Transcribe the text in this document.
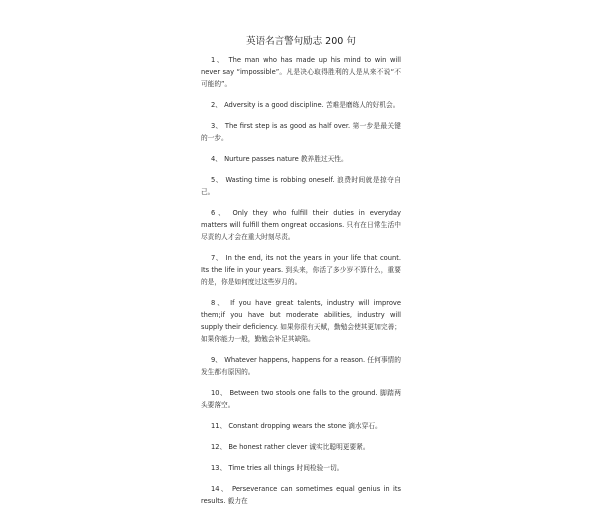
英语名言警句励志 200 句

1、 The man who has made up his mind to win will never say “impossible”。凡是决心取得胜利的人是从来不说“不可能的”。

2、 Adversity is a good discipline. 苦难是磨练人的好机会。

3、 The first step is as good as half over. 第一步是最关键的一步。

4、 Nurture passes nature 教养胜过天性。

5、 Wasting time is robbing oneself. 浪费时间就是掠夺自己。

6、 Only they who fulfill their duties in everyday matters will fulfill them ongreat occasions. 只有在日常生活中尽责的人才会在重大时刻尽责。

7、 In the end, its not the years in your life that count. Its the life in your years. 到头来，你活了多少岁不算什么，重要的是，你是如何度过这些岁月的。

8、 If you have great talents, industry will improve them;if you have but moderate abilities, industry will supply their deficiency. 如果你很有天赋，勤勉会使其更加完善；如果你能力一般，勤勉会补足其缺陷。

9、 Whatever happens, happens for a reason. 任何事情的发生都有原因的。

10、 Between two stools one falls to the ground. 脚踏两头要落空。

11、 Constant dropping wears the stone 滴水穿石。

12、 Be honest rather clever 诚实比聪明更要紧。

13、 Time tries all things 时间检验一切。

14、 Perseverance can sometimes equal genius in its results. 毅力在
